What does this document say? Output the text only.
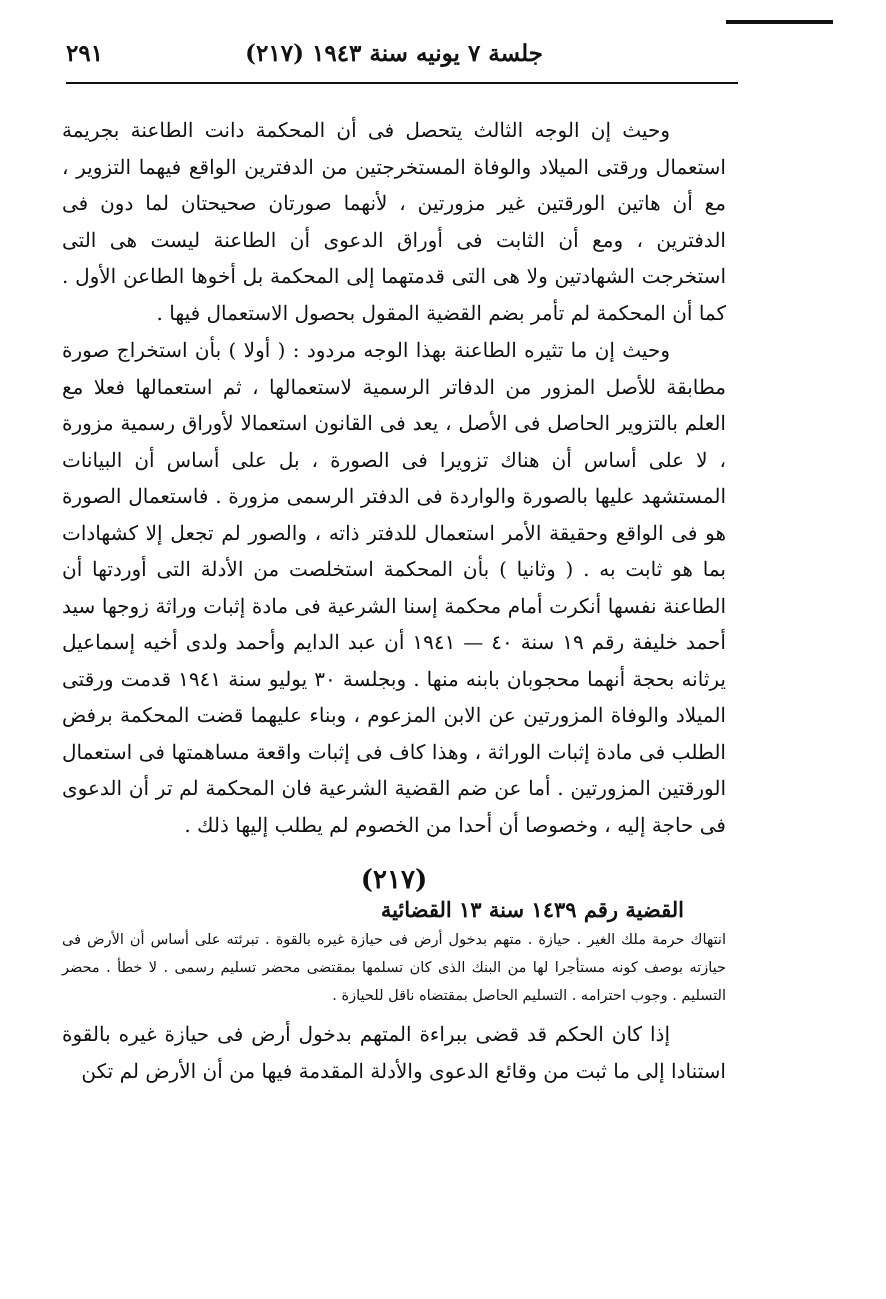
جلسة ٧ يونيه سنة ١٩٤٣ (٢١٧)
٢٩١

وحيث إن الوجه الثالث يتحصل فى أن المحكمة دانت الطاعنة بجريمة استعمال ورقتى الميلاد والوفاة المستخرجتين من الدفترين الواقع فيهما التزوير ، مع أن هاتين الورقتين غير مزورتين ، لأنهما صورتان صحيحتان لما دون فى الدفترين ، ومع أن الثابت فى أوراق الدعوى أن الطاعنة ليست هى التى استخرجت الشهادتين ولا هى التى قدمتهما إلى المحكمة بل أخوها الطاعن الأول . كما أن المحكمة لم تأمر بضم القضية المقول بحصول الاستعمال فيها .

وحيث إن ما تثيره الطاعنة بهذا الوجه مردود : ( أولا ) بأن استخراج صورة مطابقة للأصل المزور من الدفاتر الرسمية لاستعمالها ، ثم استعمالها فعلا مع العلم بالتزوير الحاصل فى الأصل ، يعد فى القانون استعمالا لأوراق رسمية مزورة ، لا على أساس أن هناك تزويرا فى الصورة ، بل على أساس أن البيانات المستشهد عليها بالصورة والواردة فى الدفتر الرسمى مزورة . فاستعمال الصورة هو فى الواقع وحقيقة الأمر استعمال للدفتر ذاته ، والصور لم تجعل إلا كشهادات بما هو ثابت به . ( وثانيا ) بأن المحكمة استخلصت من الأدلة التى أوردتها أن الطاعنة نفسها أنكرت أمام محكمة إسنا الشرعية فى مادة إثبات وراثة زوجها سيد أحمد خليفة رقم ١٩ سنة ٤٠ — ١٩٤١ أن عبد الدايم وأحمد ولدى أخيه إسماعيل يرثانه بحجة أنهما محجوبان بابنه منها . وبجلسة ٣٠ يوليو سنة ١٩٤١ قدمت ورقتى الميلاد والوفاة المزورتين عن الابن المزعوم ، وبناء عليهما قضت المحكمة برفض الطلب فى مادة إثبات الوراثة ، وهذا كاف فى إثبات واقعة مساهمتها فى استعمال الورقتين المزورتين . أما عن ضم القضية الشرعية فان المحكمة لم تر أن الدعوى فى حاجة إليه ، وخصوصا أن أحدا من الخصوم لم يطلب إليها ذلك .

(٢١٧)
القضية رقم ١٤٣٩ سنة ١٣ القضائية

انتهاك حرمة ملك الغير . حيازة . متهم بدخول أرض فى حيازة غيره بالقوة . تبرئته على أساس أن الأرض فى حيازته بوصف كونه مستأجرا لها من البنك الذى كان تسلمها بمقتضى محضر تسليم رسمى . لا خطأ . محضر التسليم . وجوب احترامه . التسليم الحاصل بمقتضاه ناقل للحيازة .

إذا كان الحكم قد قضى ببراءة المتهم بدخول أرض فى حيازة غيره بالقوة استنادا إلى ما ثبت من وقائع الدعوى والأدلة المقدمة فيها من أن الأرض لم تكن
